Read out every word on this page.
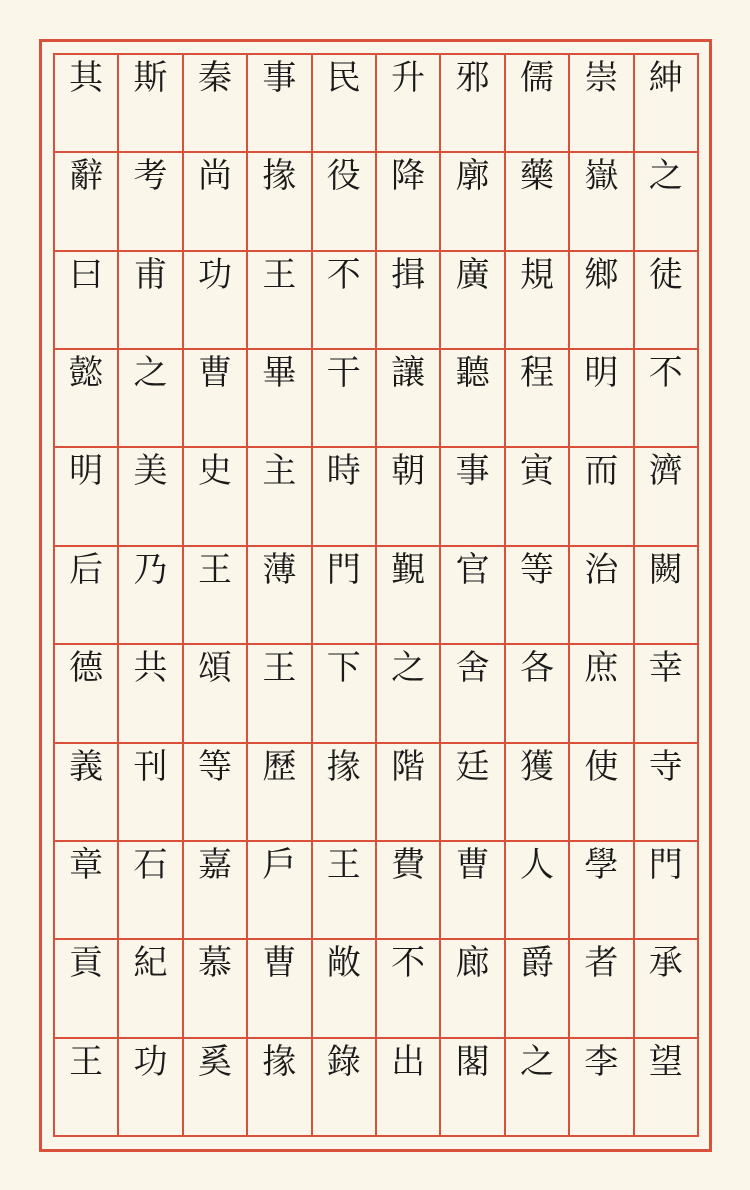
紳
之
徒
不
濟
闕
幸
寺
門
承
望
崇
嶽
鄉
明
而
治
庶
使
學
者
李
儒
藥
規
程
寅
等
各
獲
人
爵
之
邪
廓
廣
聽
事
官
舍
廷
曹
廊
閣
升
降
揖
讓
朝
覲
之
階
費
不
出
民
役
不
干
時
門
下
掾
王
敞
錄
事
掾
王
畢
主
薄
王
歷
戶
曹
掾
秦
尚
功
曹
史
王
頌
等
嘉
慕
奚
斯
考
甫
之
美
乃
共
刊
石
紀
功
其
辭
曰
懿
明
后
德
義
章
貢
王
